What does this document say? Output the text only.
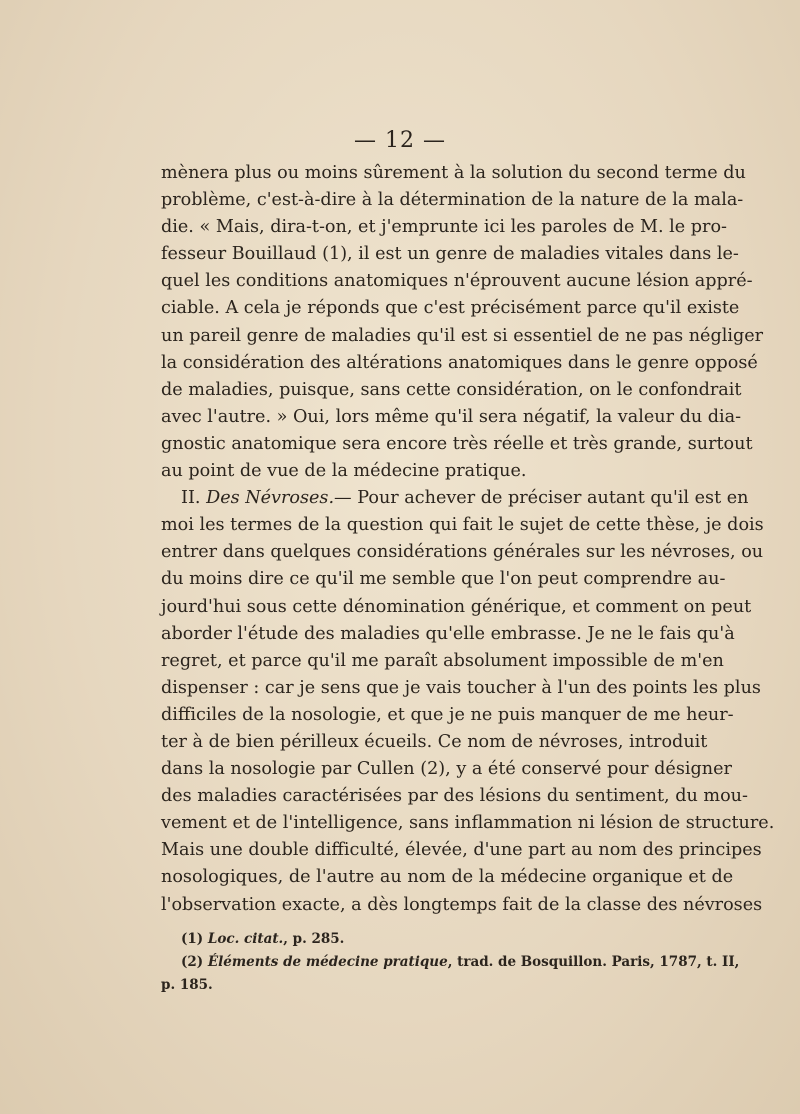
— 12 —
mènera plus ou moins sûrement à la solution du second terme du
problème, c'est-à-dire à la détermination de la nature de la mala-
die. « Mais, dira-t-on, et j'emprunte ici les paroles de M. le pro-
fesseur Bouillaud (1), il est un genre de maladies vitales dans le-
quel les conditions anatomiques n'éprouvent aucune lésion appré-
ciable. A cela je réponds que c'est précisément parce qu'il existe
un pareil genre de maladies qu'il est si essentiel de ne pas négliger
la considération des altérations anatomiques dans le genre opposé
de maladies, puisque, sans cette considération, on le confondrait
avec l'autre. » Oui, lors même qu'il sera négatif, la valeur du dia-
gnostic anatomique sera encore très réelle et très grande, surtout
au point de vue de la médecine pratique.
II. Des Névroses.— Pour achever de préciser autant qu'il est en
moi les termes de la question qui fait le sujet de cette thèse, je dois
entrer dans quelques considérations générales sur les névroses, ou
du moins dire ce qu'il me semble que l'on peut comprendre au-
jourd'hui sous cette dénomination générique, et comment on peut
aborder l'étude des maladies qu'elle embrasse. Je ne le fais qu'à
regret, et parce qu'il me paraît absolument impossible de m'en
dispenser : car je sens que je vais toucher à l'un des points les plus
difficiles de la nosologie, et que je ne puis manquer de me heur-
ter à de bien périlleux écueils. Ce nom de névroses, introduit
dans la nosologie par Cullen (2), y a été conservé pour désigner
des maladies caractérisées par des lésions du sentiment, du mou-
vement et de l'intelligence, sans inflammation ni lésion de structure.
Mais une double difficulté, élevée, d'une part au nom des principes
nosologiques, de l'autre au nom de la médecine organique et de
l'observation exacte, a dès longtemps fait de la classe des névroses
(1) Loc. citat., p. 285.
(2) Éléments de médecine pratique, trad. de Bosquillon. Paris, 1787, t. II,
p. 185.
